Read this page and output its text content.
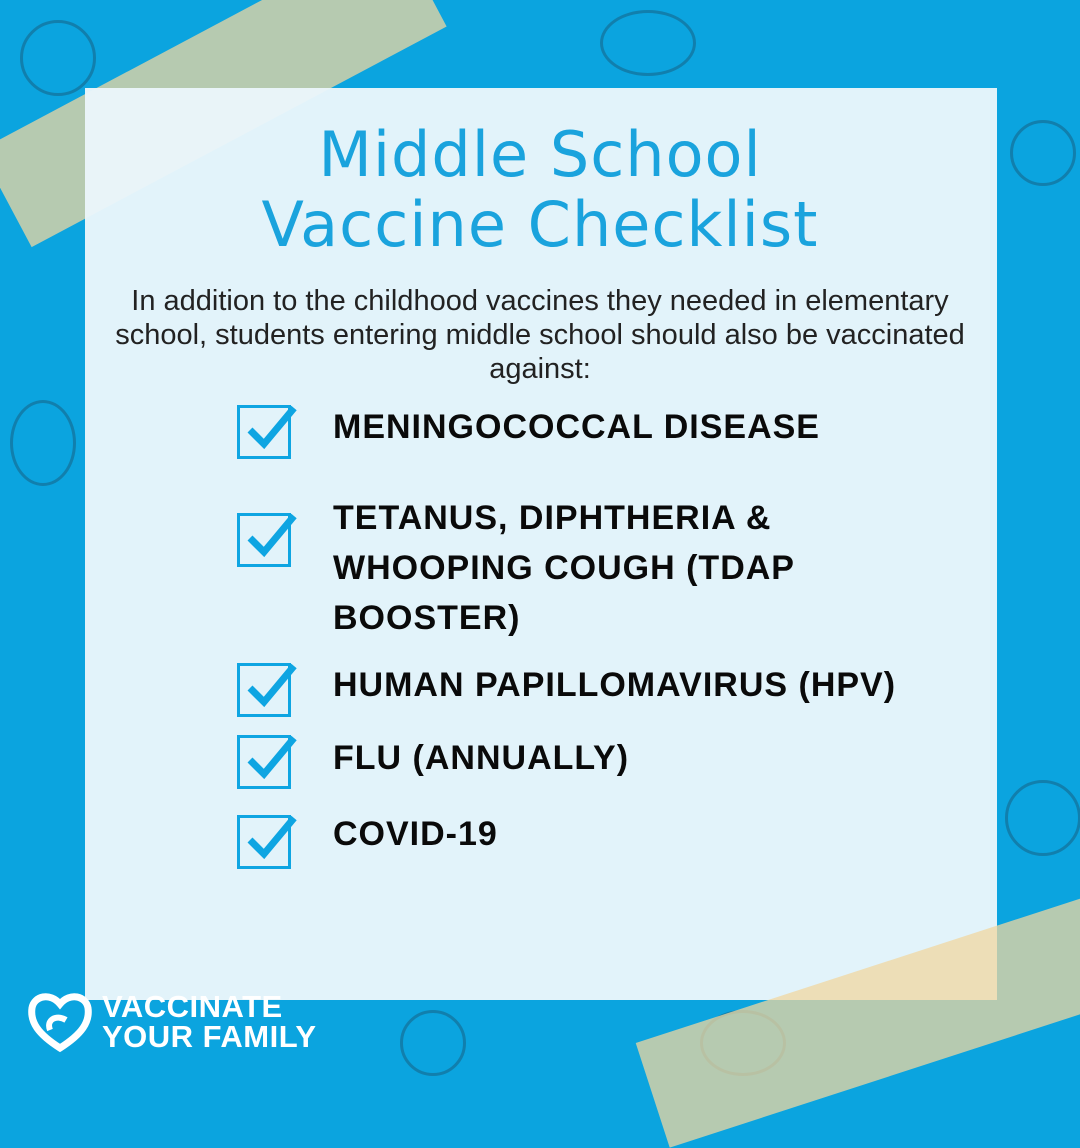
Middle School
Vaccine Checklist
In addition to the childhood vaccines they needed in elementary school, students entering middle school should also be vaccinated against:
MENINGOCOCCAL DISEASE
TETANUS, DIPHTHERIA & WHOOPING COUGH (TDAP BOOSTER)
HUMAN PAPILLOMAVIRUS (HPV)
FLU (ANNUALLY)
COVID-19
VACCINATE
YOUR FAMILY
